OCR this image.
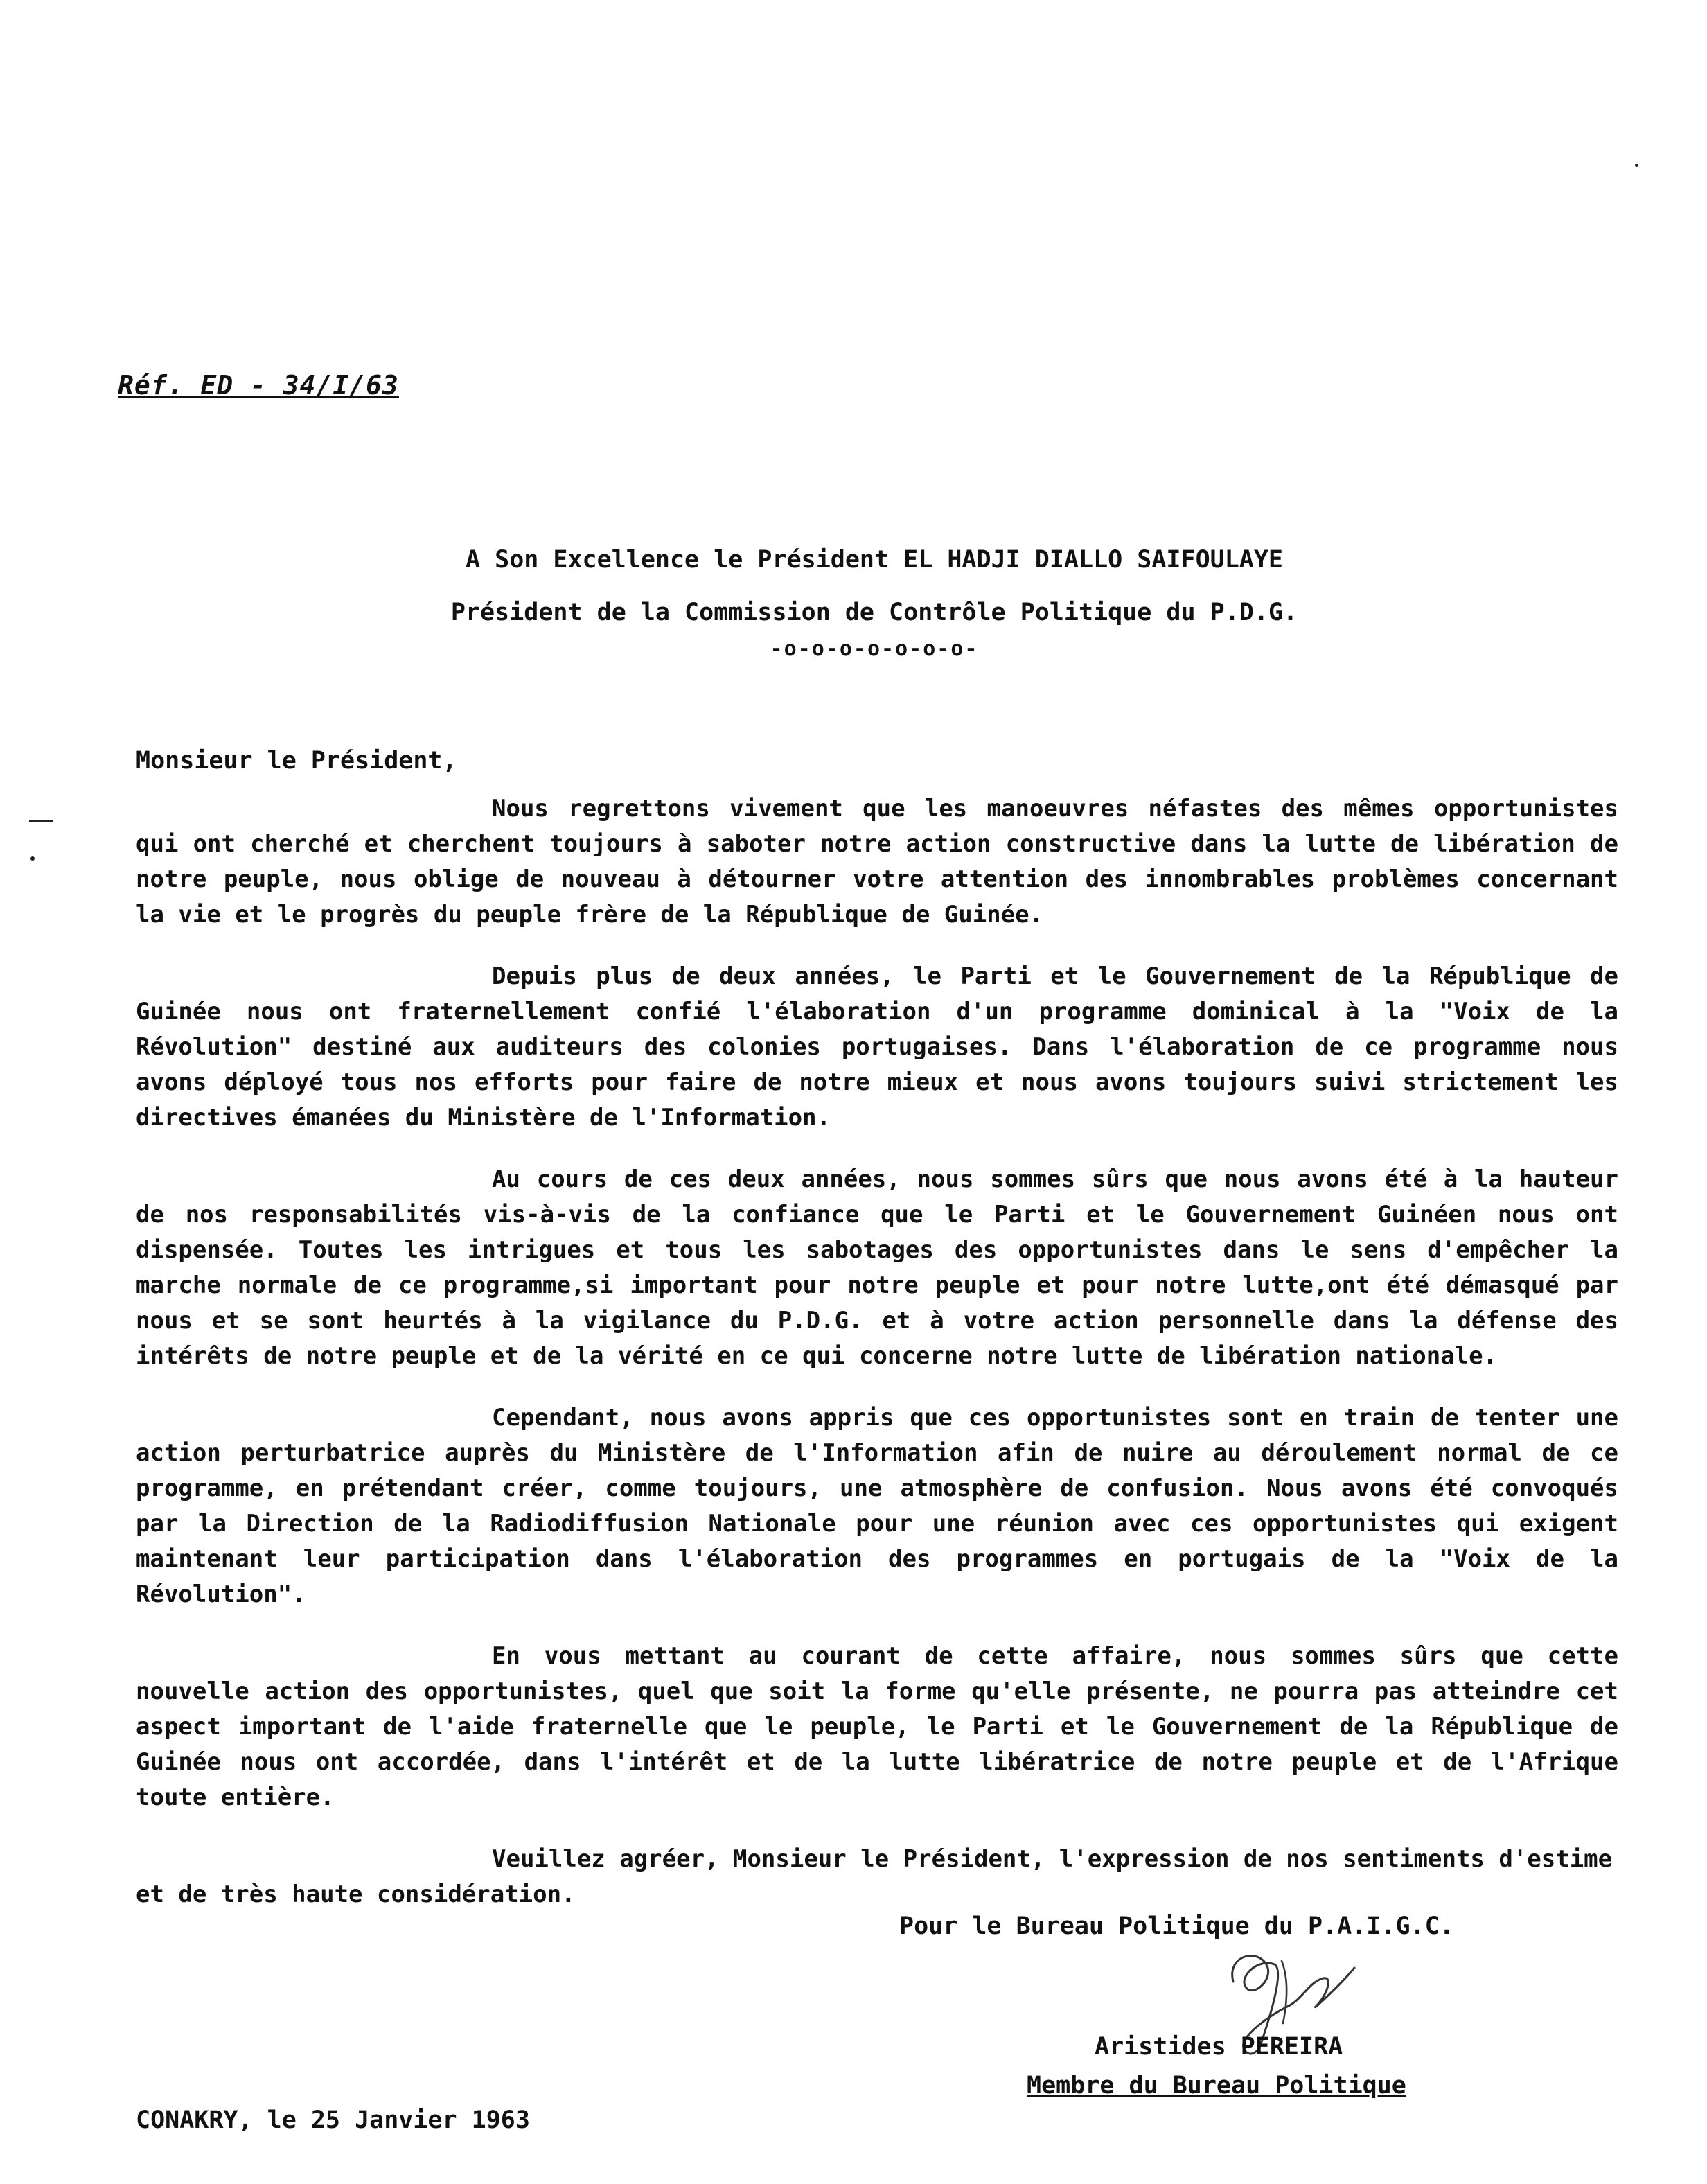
Réf. ED - 34/I/63
A Son Excellence le Président EL HADJI DIALLO SAIFOULAYE
Président de la Commission de Contrôle Politique du P.D.G.
-o-o-o-o-o-o-o-
Monsieur le Président,

Nous regrettons vivement que les manoeuvres néfastes des mêmes opportunistes qui ont cherché et cherchent toujours à saboter notre action constructive dans la lutte de libération de notre peuple, nous oblige de nouveau à détourner votre attention des innombrables problèmes concernant la vie et le progrès du peuple frère de la République de Guinée.

Depuis plus de deux années, le Parti et le Gouvernement de la République de Guinée nous ont fraternellement confié l'élaboration d'un programme dominical à la "Voix de la Révolution" destiné aux auditeurs des colonies portugaises. Dans l'élaboration de ce programme nous avons déployé tous nos efforts pour faire de notre mieux et nous avons toujours suivi strictement les directives émanées du Ministère de l'Information.

Au cours de ces deux années, nous sommes sûrs que nous avons été à la hauteur de nos responsabilités vis-à-vis de la confiance que le Parti et le Gouvernement Guinéen nous ont dispensée. Toutes les intrigues et tous les sabotages des opportunistes dans le sens d'empêcher la marche normale de ce programme,si important pour notre peuple et pour notre lutte,ont été démasqué par nous et se sont heurtés à la vigilance du P.D.G. et à votre action personnelle dans la défense des intérêts de notre peuple et de la vérité en ce qui concerne notre lutte de libération nationale.

Cependant, nous avons appris que ces opportunistes sont en train de tenter une action perturbatrice auprès du Ministère de l'Information afin de nuire au déroulement normal de ce programme, en prétendant créer, comme toujours, une atmosphère de confusion. Nous avons été convoqués par la Direction de la Radiodiffusion Nationale pour une réunion avec ces opportunistes qui exigent maintenant leur participation dans l'élaboration des programmes en portugais de la "Voix de la Révolution".

En vous mettant au courant de cette affaire, nous sommes sûrs que cette nouvelle action des opportunistes, quel que soit la forme qu'elle présente, ne pourra pas atteindre cet aspect important de l'aide fraternelle que le peuple, le Parti et le Gouvernement de la République de Guinée nous ont accordée, dans l'intérêt et de la lutte libératrice de notre peuple et de l'Afrique toute entière.

Veuillez agréer, Monsieur le Président, l'expression de nos sentiments d'estime et de très haute considération.

Pour le Bureau Politique du P.A.I.G.C.
Aristides PEREIRA
Membre du Bureau Politique
CONAKRY, le 25 Janvier 1963
